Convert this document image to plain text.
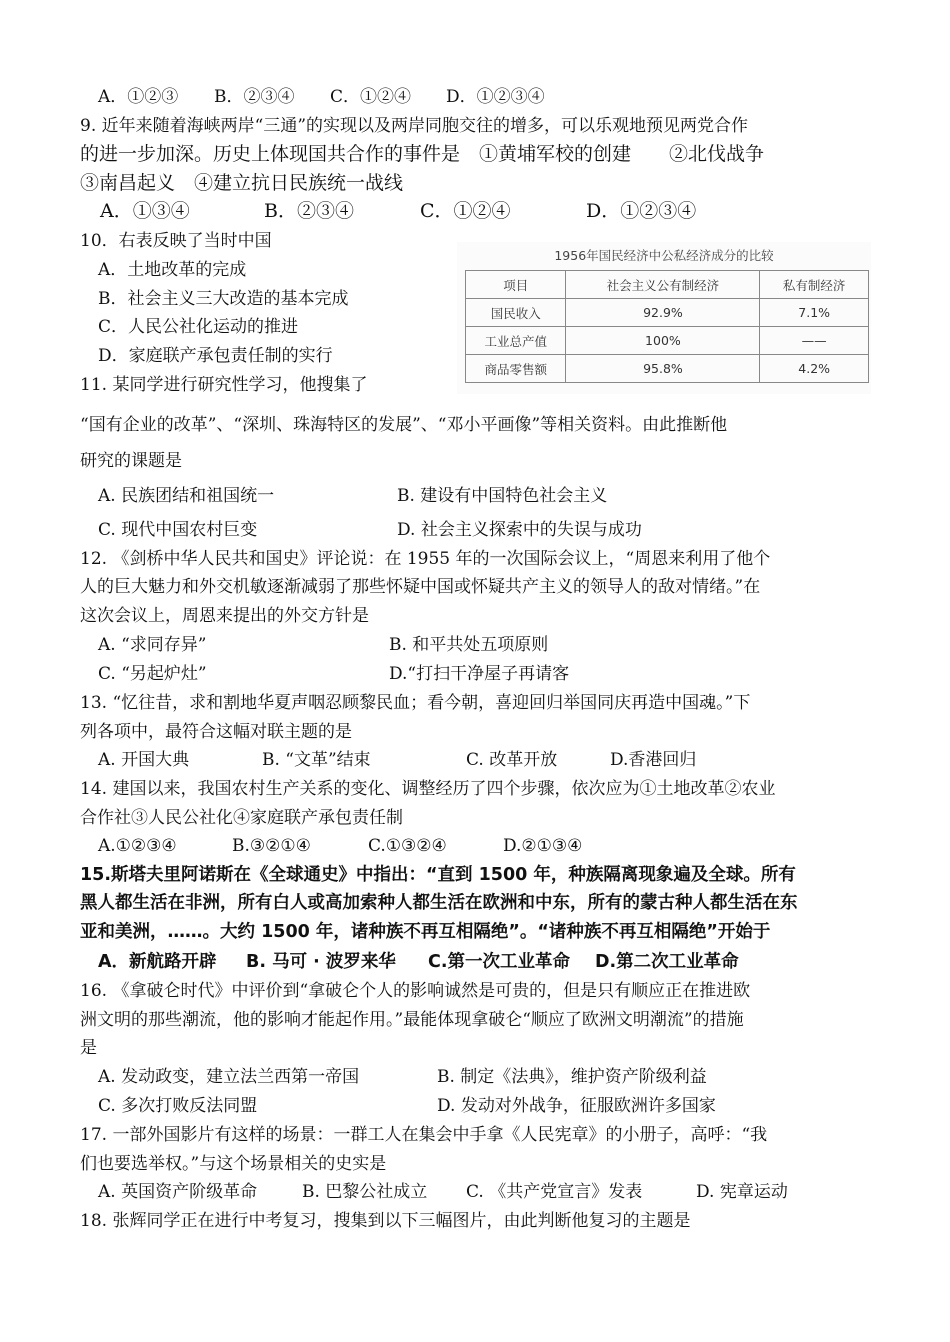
A．①②③ B．②③④ C．①②④ D．①②③④
9. 近年来随着海峡两岸“三通”的实现以及两岸同胞交往的增多，可以乐观地预见两党合作
的进一步加深。历史上体现国共合作的事件是　①黄埔军校的创建　　②北伐战争
③南昌起义　④建立抗日民族统一战线
A．①③④	B．②③④	C．①②④	D．①②③④
10．右表反映了当时中国
A．土地改革的完成
B．社会主义三大改造的基本完成
C．人民公社化运动的推进
D．家庭联产承包责任制的实行
1956年国民经济中公私经济成分的比较
项目	社会主义公有制经济	私有制经济
国民收入	92.9%	7.1%
工业总产值	100%	——
商品零售额	95.8%	4.2%
11. 某同学进行研究性学习，他搜集了
“国有企业的改革”、“深圳、珠海特区的发展”、“邓小平画像”等相关资料。由此推断他
研究的课题是
A. 民族团结和祖国统一	B. 建设有中国特色社会主义
C. 现代中国农村巨变	D. 社会主义探索中的失误与成功
12. 《剑桥中华人民共和国史》评论说：在 1955 年的一次国际会议上，“周恩来利用了他个
人的巨大魅力和外交机敏逐渐减弱了那些怀疑中国或怀疑共产主义的领导人的敌对情绪。”在
这次会议上，周恩来提出的外交方针是
A. “求同存异”	B. 和平共处五项原则
C. “另起炉灶”	D.“打扫干净屋子再请客
13. “忆往昔，求和割地华夏声咽忍顾黎民血；看今朝，喜迎回归举国同庆再造中国魂。”下
列各项中，最符合这幅对联主题的是
A. 开国大典	B. “文革”结束	C. 改革开放	D.香港回归
14. 建国以来，我国农村生产关系的变化、调整经历了四个步骤，依次应为①土地改革②农业
合作社③人民公社化④家庭联产承包责任制
A.①②③④	B.③②①④	C.①③②④	D.②①③④
15.斯塔夫里阿诺斯在《全球通史》中指出：“直到 1500 年，种族隔离现象遍及全球。所有
黑人都生活在非洲，所有白人或高加索种人都生活在欧洲和中东，所有的蒙古种人都生活在东
亚和美洲，……。大约 1500 年，诸种族不再互相隔绝”。“诸种族不再互相隔绝”开始于
A．新航路开辟 B. 马可 · 波罗来华 C.第一次工业革命 D.第二次工业革命
16. 《拿破仑时代》中评价到“拿破仑个人的影响诚然是可贵的，但是只有顺应正在推进欧
洲文明的那些潮流，他的影响才能起作用。”最能体现拿破仑“顺应了欧洲文明潮流”的措施
是
A. 发动政变，建立法兰西第一帝国	B. 制定《法典》，维护资产阶级利益
C. 多次打败反法同盟	D. 发动对外战争，征服欧洲许多国家
17. 一部外国影片有这样的场景：一群工人在集会中手拿《人民宪章》的小册子，高呼：“我
们也要选举权。”与这个场景相关的史实是
A. 英国资产阶级革命	B. 巴黎公社成立 C. 《共产党宣言》发表	D. 宪章运动
18. 张辉同学正在进行中考复习，搜集到以下三幅图片，由此判断他复习的主题是
